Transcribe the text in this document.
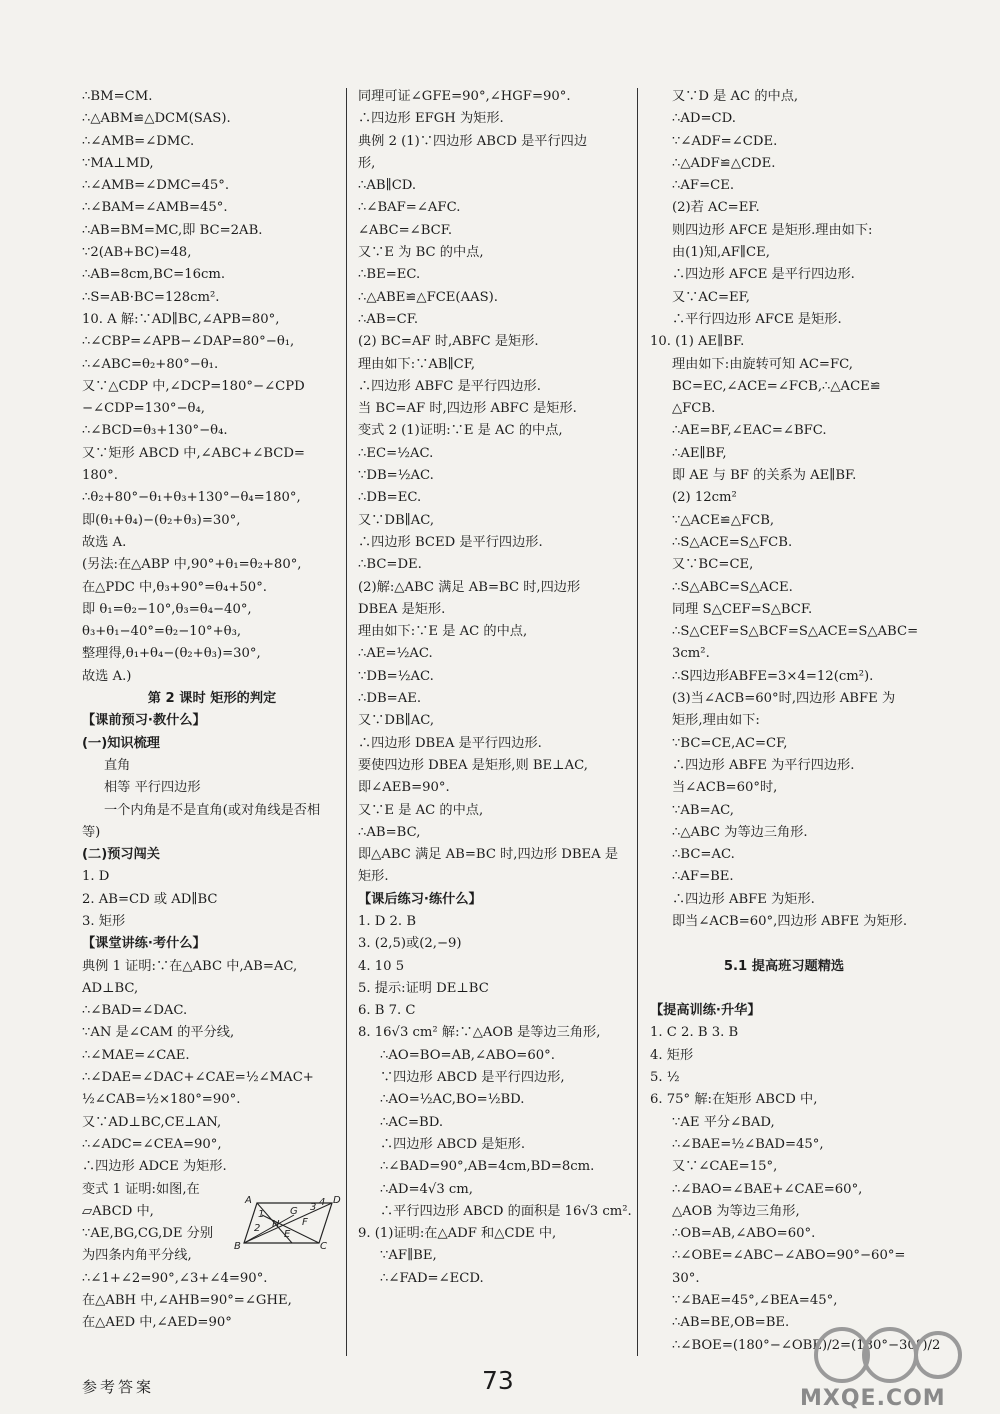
∴BM=CM.
∴△ABM≌△DCM(SAS).
∴∠AMB=∠DMC.
∵MA⊥MD,
∴∠AMB=∠DMC=45°.
∴∠BAM=∠AMB=45°.
∴AB=BM=MC,即 BC=2AB.
∵2(AB+BC)=48,
∴AB=8cm,BC=16cm.
∴S=AB·BC=128cm².
10. A 解:∵AD∥BC,∠APB=80°,
∴∠CBP=∠APB−∠DAP=80°−θ₁,
∴∠ABC=θ₂+80°−θ₁.
又∵△CDP 中,∠DCP=180°−∠CPD
−∠CDP=130°−θ₄,
∴∠BCD=θ₃+130°−θ₄.
又∵矩形 ABCD 中,∠ABC+∠BCD=
180°.
∴θ₂+80°−θ₁+θ₃+130°−θ₄=180°,
即(θ₁+θ₄)−(θ₂+θ₃)=30°,
故选 A.
(另法:在△ABP 中,90°+θ₁=θ₂+80°,
在△PDC 中,θ₃+90°=θ₄+50°.
即 θ₁=θ₂−10°,θ₃=θ₄−40°,
θ₃+θ₁−40°=θ₂−10°+θ₃,
整理得,θ₁+θ₄−(θ₂+θ₃)=30°,
故选 A.)
第 2 课时 矩形的判定
【课前预习·教什么】
(一)知识梳理
直角
相等 平行四边形
一个内角是不是直角(或对角线是否相
等)
(二)预习闯关
1. D
2. AB=CD 或 AD∥BC
3. 矩形
【课堂讲练·考什么】
典例 1 证明:∵在△ABC 中,AB=AC,
AD⊥BC,
∴∠BAD=∠DAC.
∵AN 是∠CAM 的平分线,
∴∠MAE=∠CAE.
∴∠DAE=∠DAC+∠CAE=½∠MAC+
½∠CAB=½×180°=90°.
又∵AD⊥BC,CE⊥AN,
∴∠ADC=∠CEA=90°,
∴四边形 ADCE 为矩形.
变式 1 证明:如图,在
▱ABCD 中,
∵AE,BG,CG,DE 分别
为四条内角平分线,
∴∠1+∠2=90°,∠3+∠4=90°.
在△ABH 中,∠AHB=90°=∠GHE,
在△AED 中,∠AED=90°
同理可证∠GFE=90°,∠HGF=90°.
∴四边形 EFGH 为矩形.
典例 2 (1)∵四边形 ABCD 是平行四边
形,
∴AB∥CD.
∴∠BAF=∠AFC.
∠ABC=∠BCF.
又∵E 为 BC 的中点,
∴BE=EC.
∴△ABE≌△FCE(AAS).
∴AB=CF.
(2) BC=AF 时,ABFC 是矩形.
理由如下:∵AB∥CF,
∴四边形 ABFC 是平行四边形.
当 BC=AF 时,四边形 ABFC 是矩形.
变式 2 (1)证明:∵E 是 AC 的中点,
∴EC=½AC.
∵DB=½AC.
∴DB=EC.
又∵DB∥AC,
∴四边形 BCED 是平行四边形.
∴BC=DE.
(2)解:△ABC 满足 AB=BC 时,四边形
DBEA 是矩形.
理由如下:∵E 是 AC 的中点,
∴AE=½AC.
∵DB=½AC.
∴DB=AE.
又∵DB∥AC,
∴四边形 DBEA 是平行四边形.
要使四边形 DBEA 是矩形,则 BE⊥AC,
即∠AEB=90°.
又∵E 是 AC 的中点,
∴AB=BC,
即△ABC 满足 AB=BC 时,四边形 DBEA 是
矩形.
【课后练习·练什么】
1. D 2. B
3. (2,5)或(2,−9)
4. 10 5
5. 提示:证明 DE⊥BC
6. B 7. C
8. 16√3 cm² 解:∵△AOB 是等边三角形,
∴AO=BO=AB,∠ABO=60°.
∵四边形 ABCD 是平行四边形,
∴AO=½AC,BO=½BD.
∴AC=BD.
∴四边形 ABCD 是矩形.
∴∠BAD=90°,AB=4cm,BD=8cm.
∴AD=4√3 cm,
∴平行四边形 ABCD 的面积是 16√3 cm².
9. (1)证明:在△ADF 和△CDE 中,
∵AF∥BE,
∴∠FAD=∠ECD.
又∵D 是 AC 的中点,
∴AD=CD.
∵∠ADF=∠CDE.
∴△ADF≌△CDE.
∴AF=CE.
(2)若 AC=EF.
则四边形 AFCE 是矩形.理由如下:
由(1)知,AF∥CE,
∴四边形 AFCE 是平行四边形.
又∵AC=EF,
∴平行四边形 AFCE 是矩形.
10. (1) AE∥BF.
理由如下:由旋转可知 AC=FC,
BC=EC,∠ACE=∠FCB,∴△ACE≌
△FCB.
∴AE=BF,∠EAC=∠BFC.
∴AE∥BF,
即 AE 与 BF 的关系为 AE∥BF.
(2) 12cm²
∵△ACE≌△FCB,
∴S△ACE=S△FCB.
又∵BC=CE,
∴S△ABC=S△ACE.
同理 S△CEF=S△BCF.
∴S△CEF=S△BCF=S△ACE=S△ABC=
3cm².
∴S四边形ABFE=3×4=12(cm²).
(3)当∠ACB=60°时,四边形 ABFE 为
矩形,理由如下:
∵BC=CE,AC=CF,
∴四边形 ABFE 为平行四边形.
当∠ACB=60°时,
∵AB=AC,
∴△ABC 为等边三角形.
∴BC=AC.
∴AF=BE.
∴四边形 ABFE 为矩形.
即当∠ACB=60°,四边形 ABFE 为矩形.

5.1 提高班习题精选

【提高训练·升华】
1. C 2. B 3. B
4. 矩形
5. ½
6. 75° 解:在矩形 ABCD 中,
∵AE 平分∠BAD,
∴∠BAE=½∠BAD=45°,
又∵∠CAE=15°,
∴∠BAO=∠BAE+∠CAE=60°,
△AOB 为等边三角形,
∴OB=AB,∠ABO=60°.
∴∠OBE=∠ABC−∠ABO=90°−60°=
30°.
∵∠BAE=45°,∠BEA=45°,
∴AB=BE,OB=BE.
∴∠BOE=(180°−∠OBE)/2=(180°−30°)/2
A	D
B	C
1
2
3 4
H
G
E
F
参考答案	73
MXQE.COM
